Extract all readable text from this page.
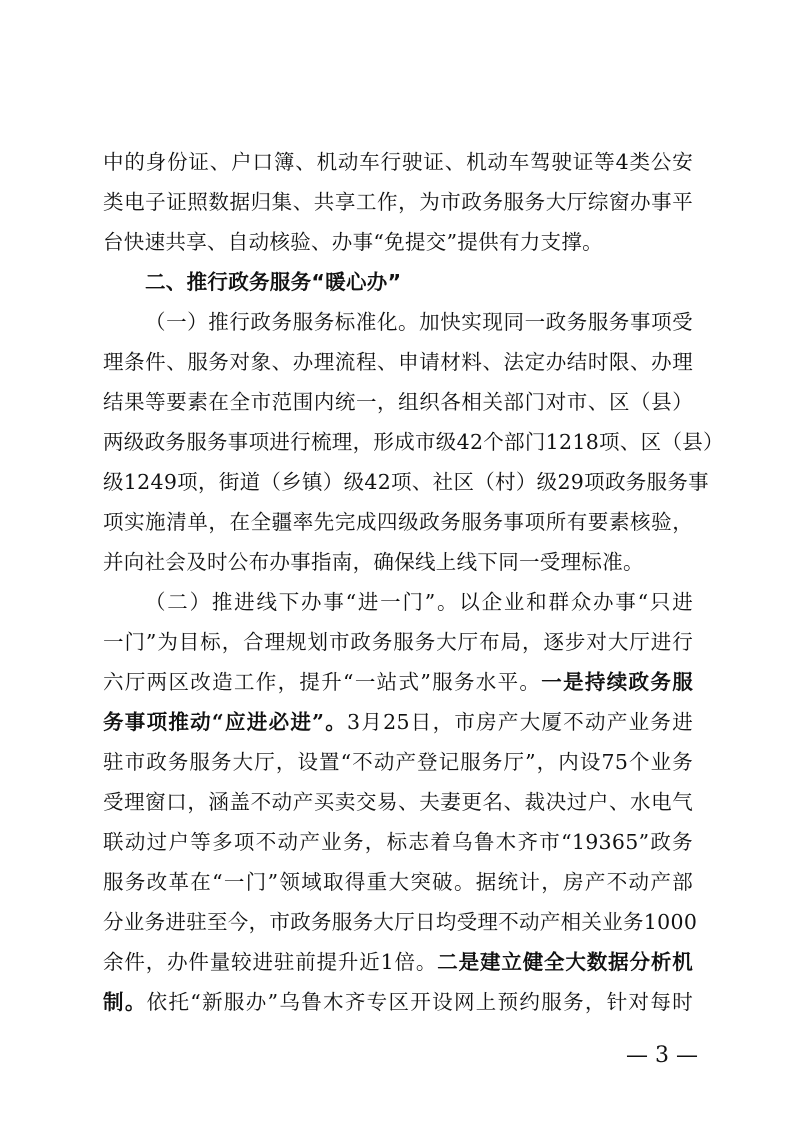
中的身份证、户口簿、机动车行驶证、机动车驾驶证等4类公安
类电子证照数据归集、共享工作，为市政务服务大厅综窗办事平
台快速共享、自动核验、办事“免提交”提供有力支撑。
二、推行政务服务“暖心办”
（一）推行政务服务标准化。加快实现同一政务服务事项受
理条件、服务对象、办理流程、申请材料、法定办结时限、办理
结果等要素在全市范围内统一，组织各相关部门对市、区（县）
两级政务服务事项进行梳理，形成市级42个部门1218项、区（县）
级1249项，街道（乡镇）级42项、社区（村）级29项政务服务事
项实施清单，在全疆率先完成四级政务服务事项所有要素核验，
并向社会及时公布办事指南，确保线上线下同一受理标准。
（二）推进线下办事“进一门”。以企业和群众办事“只进
一门”为目标，合理规划市政务服务大厅布局，逐步对大厅进行
六厅两区改造工作，提升“一站式”服务水平。一是持续政务服
务事项推动“应进必进”。3月25日，市房产大厦不动产业务进
驻市政务服务大厅，设置“不动产登记服务厅”，内设75个业务
受理窗口，涵盖不动产买卖交易、夫妻更名、裁决过户、水电气
联动过户等多项不动产业务，标志着乌鲁木齐市“19365”政务
服务改革在“一门”领域取得重大突破。据统计，房产不动产部
分业务进驻至今，市政务服务大厅日均受理不动产相关业务1000
余件，办件量较进驻前提升近1倍。二是建立健全大数据分析机
制。依托“新服办”乌鲁木齐专区开设网上预约服务，针对每时
— 3 —
